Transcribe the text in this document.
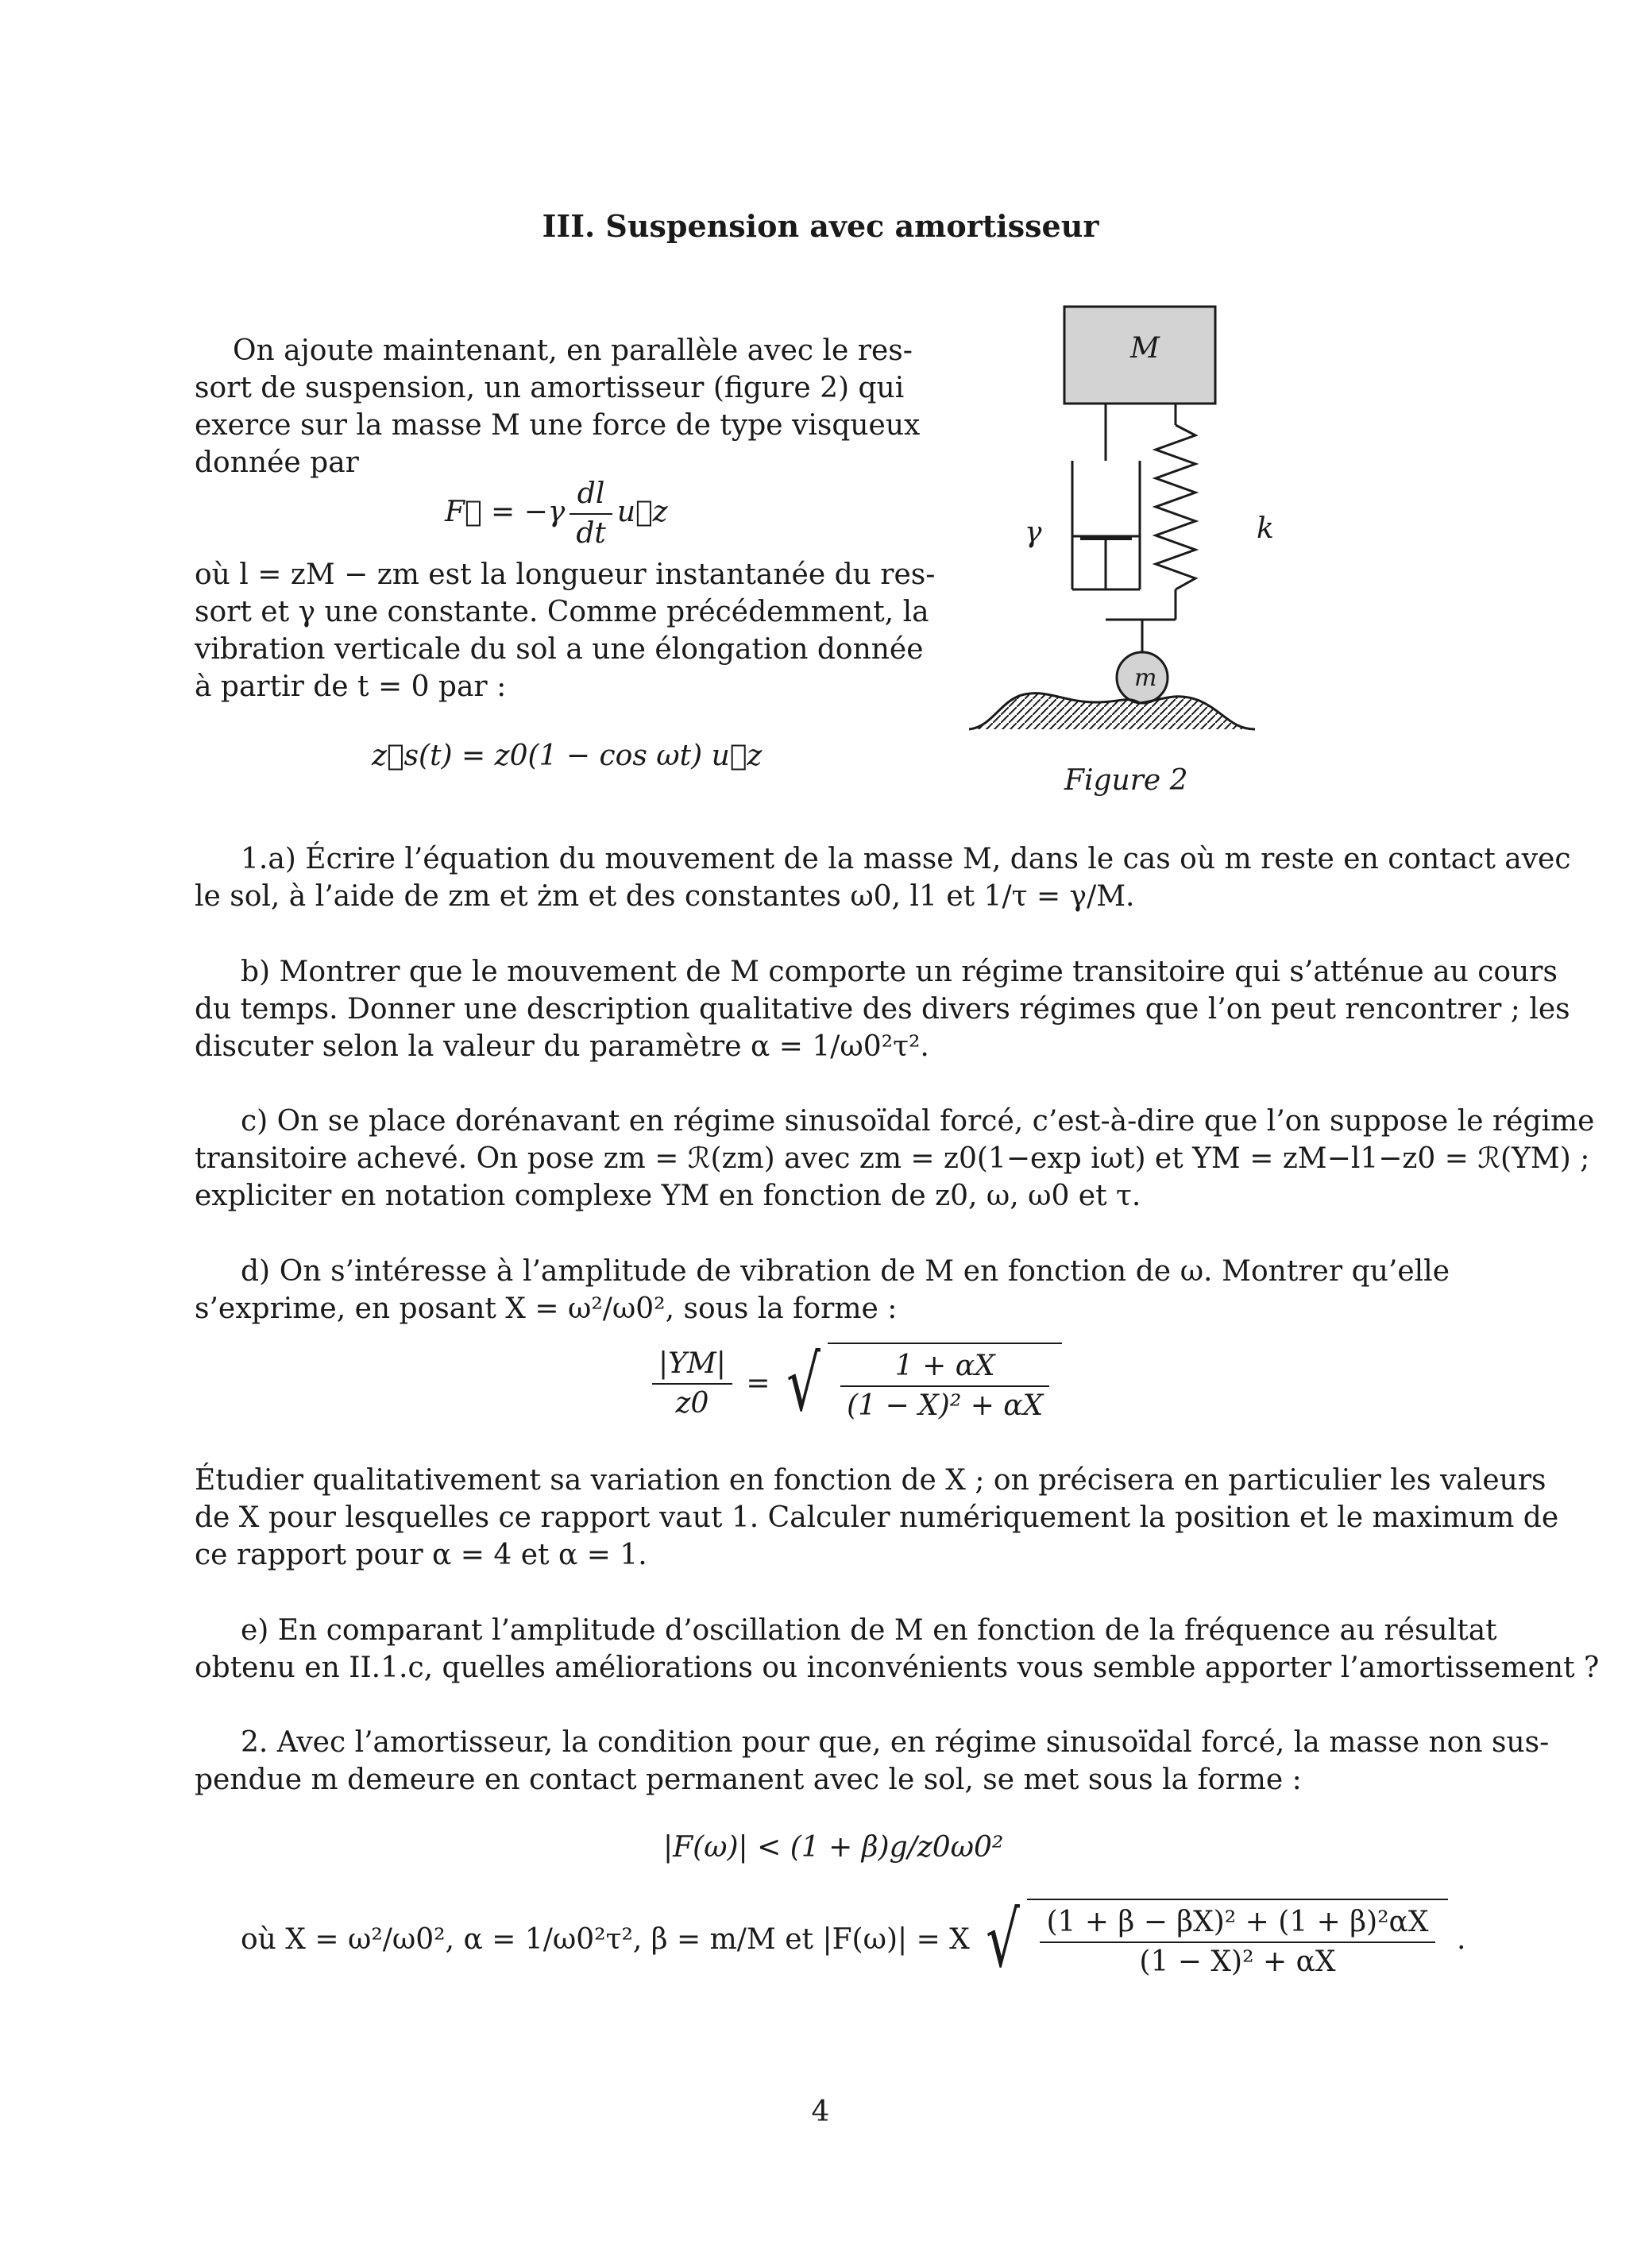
III. Suspension avec amortisseur
On ajoute maintenant, en parallèle avec le res-
sort de suspension, un amortisseur (figure 2) qui
exerce sur la masse M une force de type visqueux
donnée par
F⃗ = $-\gamma \frac{dl}{dt}$ u⃗z
où l = zM − zm est la longueur instantanée du res-
sort et γ une constante. Comme précédemment, la
vibration verticale du sol a une élongation donnée
à partir de t = 0 par :
z⃗s(t) = z0(1 − cos ωt) u⃗z
M
m
γ	k
Figure 2
1.a) Écrire l’équation du mouvement de la masse M, dans le cas où m reste en contact avec
le sol, à l’aide de zm et żm et des constantes ω0, l1 et 1/τ = γ/M.
b) Montrer que le mouvement de M comporte un régime transitoire qui s’atténue au cours
du temps. Donner une description qualitative des divers régimes que l’on peut rencontrer ; les
discuter selon la valeur du paramètre α = 1/ω0²τ².
c) On se place dorénavant en régime sinusoïdal forcé, c’est-à-dire que l’on suppose le régime
transitoire achevé. On pose zm = ℛ(zm) avec zm = z0(1−exp iωt) et YM = zM−l1−z0 = ℛ(YM) ;
expliciter en notation complexe YM en fonction de z0, ω, ω0 et τ.
d) On s’intéresse à l’amplitude de vibration de M en fonction de ω. Montrer qu’elle
s’exprime, en posant X = ω²/ω0², sous la forme :
$\frac{|YM|}{z0}$ = √ $\frac{1 + \alpha X}{\text{(1 − X)² + αX}}$
Étudier qualitativement sa variation en fonction de X ; on précisera en particulier les valeurs
de X pour lesquelles ce rapport vaut 1. Calculer numériquement la position et le maximum de
ce rapport pour α = 4 et α = 1.
e) En comparant l’amplitude d’oscillation de M en fonction de la fréquence au résultat
obtenu en II.1.c, quelles améliorations ou inconvénients vous semble apporter l’amortissement ?
2. Avec l’amortisseur, la condition pour que, en régime sinusoïdal forcé, la masse non sus-
pendue m demeure en contact permanent avec le sol, se met sous la forme :
|F(ω)| < (1 + β)g/z0ω0²
où X = ω²/ω0², α = 1/ω0²τ², β = m/M et |F(ω)| = X √ $\frac{\text{(1 + β − βX)² + (1 + β)²αX}}{\text{(1 − X)² + αX}}$ .
4
